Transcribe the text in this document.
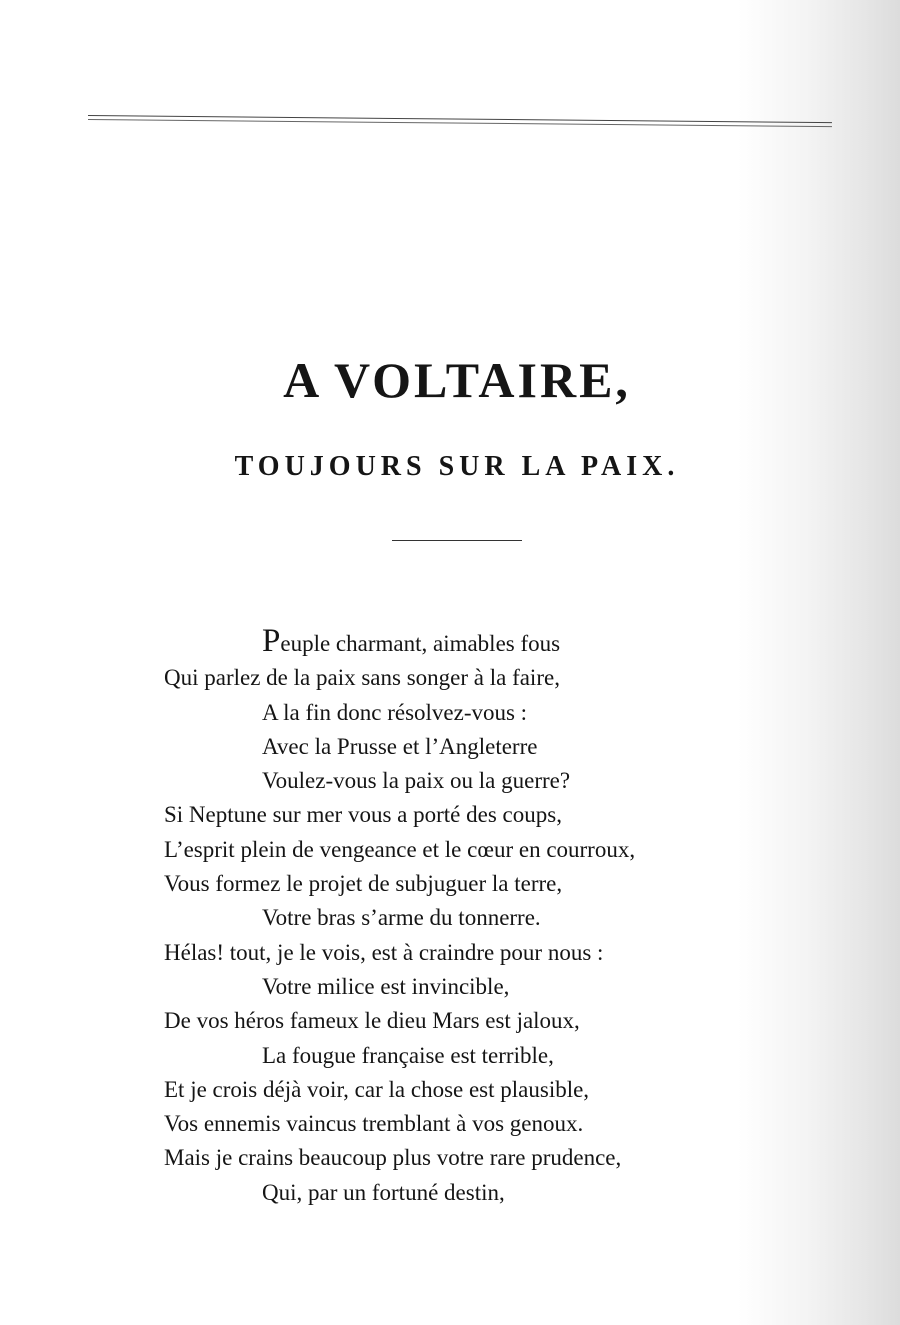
A VOLTAIRE,
TOUJOURS SUR LA PAIX.
Peuple charmant, aimables fous
Qui parlez de la paix sans songer à la faire,
A la fin donc résolvez-vous :
Avec la Prusse et l’Angleterre
Voulez-vous la paix ou la guerre?
Si Neptune sur mer vous a porté des coups,
L’esprit plein de vengeance et le cœur en courroux,
Vous formez le projet de subjuguer la terre,
Votre bras s’arme du tonnerre.
Hélas! tout, je le vois, est à craindre pour nous :
Votre milice est invincible,
De vos héros fameux le dieu Mars est jaloux,
La fougue française est terrible,
Et je crois déjà voir, car la chose est plausible,
Vos ennemis vaincus tremblant à vos genoux.
Mais je crains beaucoup plus votre rare prudence,
Qui, par un fortuné destin,
